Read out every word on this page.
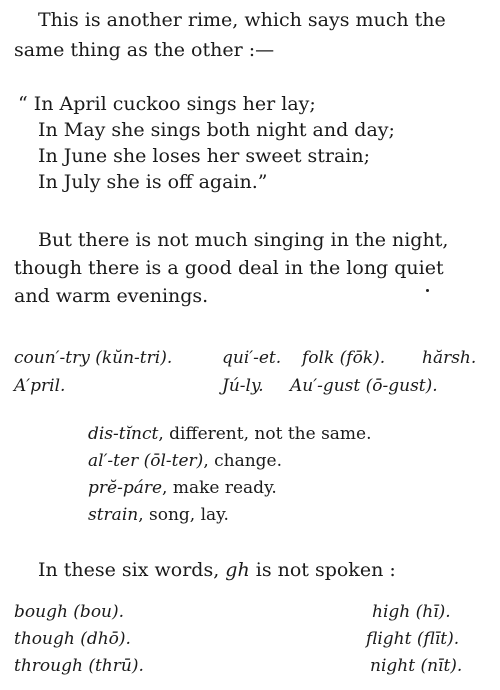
This is another rime, which says much the
same thing as the other :—
“ In April cuckoo sings her lay;
In May she sings both night and day;
In June she loses her sweet strain;
In July she is off again.”
But there is not much singing in the night,
though there is a good deal in the long quiet
and warm evenings.
coun′-try (kŭn-tri).	qui′-et. folk (fōk). hărsh.
A′pril.	Jú-ly. Au′-gust (ō-gust).
dis-tĭnct, different, not the same.
al′-ter (ōl-ter), change.
prĕ-páre, make ready.
strain, song, lay.
In these six words, gh is not spoken :
bough (bou).
though (dhō).
through (thrū).
high (hī).
flight (flīt).
night (nīt).
